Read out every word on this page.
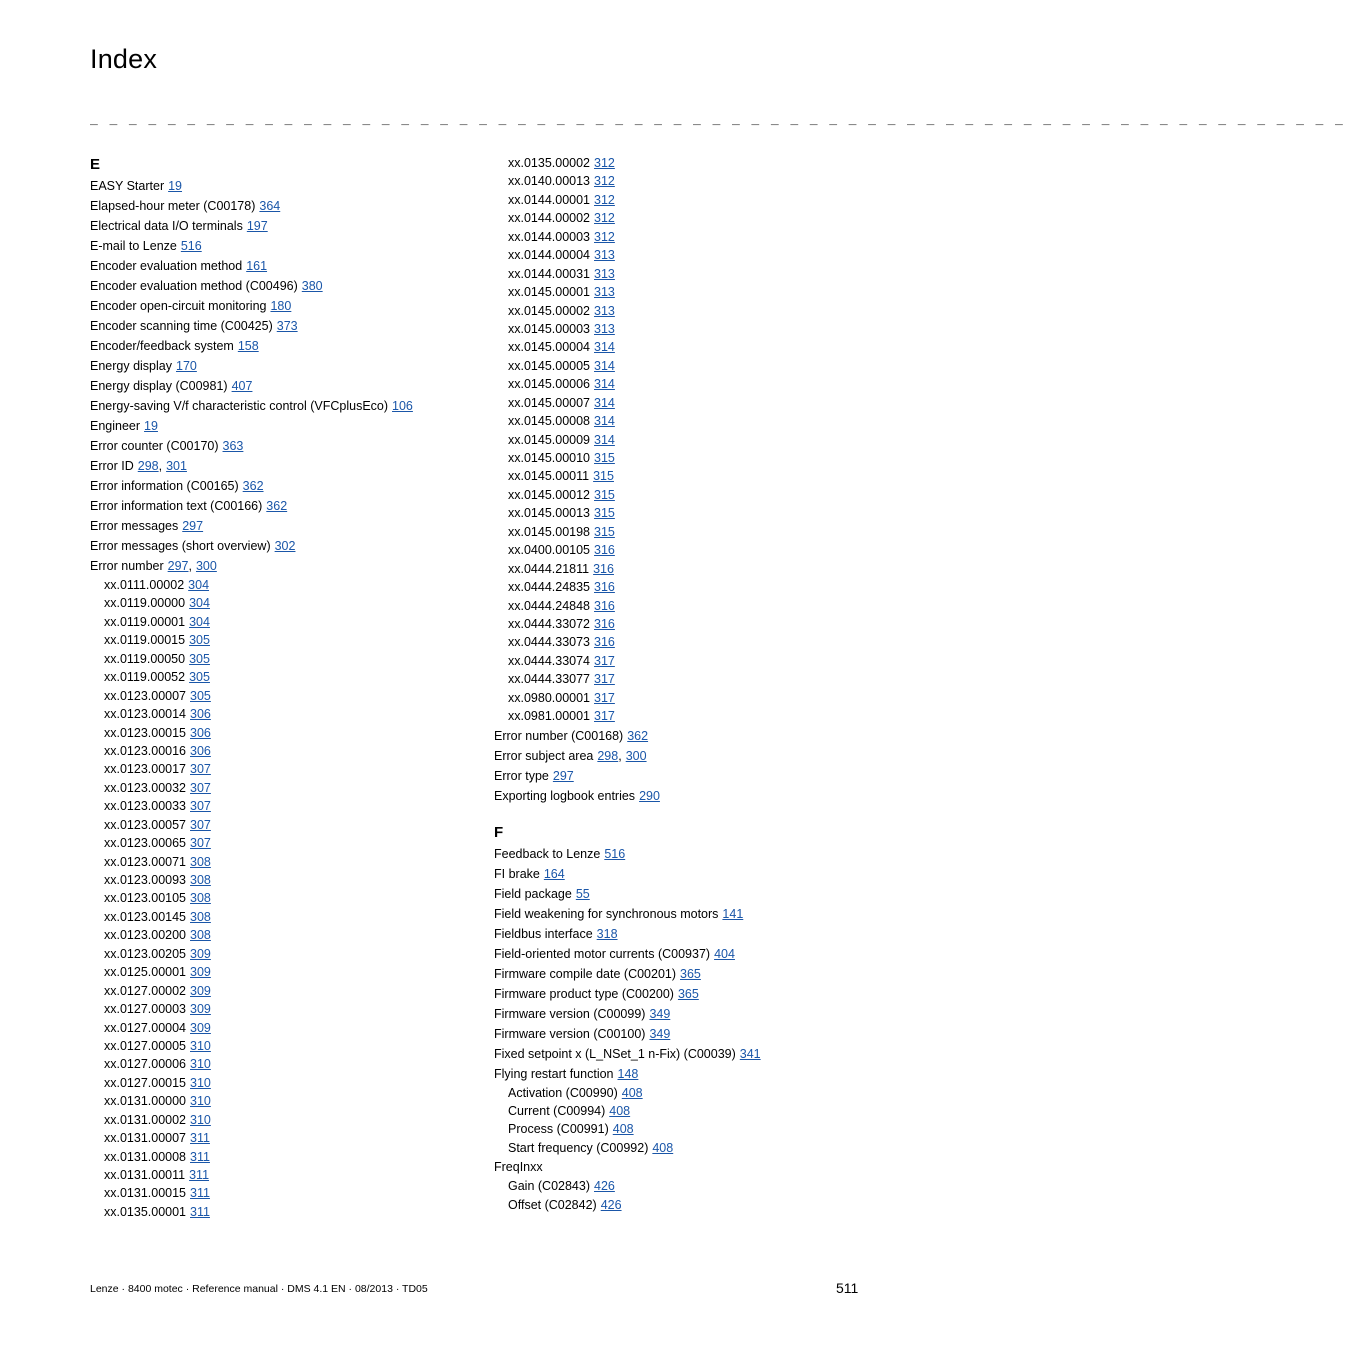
Index
_ _ _ _ _ _ _ _ _ _ _ _ _ _ _ _ _ _ _ _ _ _ _ _ _ _ _ _ _ _ _ _ _ _ _ _ _ _ _ _ _ _ _ _ _ _ _ _ _ _ _ _ _ _ _ _ _ _ _ _ _ _ _ _ _
E
EASY Starter 19
Elapsed-hour meter (C00178) 364
Electrical data I/O terminals 197
E-mail to Lenze 516
Encoder evaluation method 161
Encoder evaluation method (C00496) 380
Encoder open-circuit monitoring 180
Encoder scanning time (C00425) 373
Encoder/feedback system 158
Energy display 170
Energy display (C00981) 407
Energy-saving V/f characteristic control (VFCplusEco) 106
Engineer 19
Error counter (C00170) 363
Error ID 298, 301
Error information (C00165) 362
Error information text (C00166) 362
Error messages 297
Error messages (short overview) 302
Error number 297, 300
xx.0111.00002 304
xx.0119.00000 304
xx.0119.00001 304
xx.0119.00015 305
xx.0119.00050 305
xx.0119.00052 305
xx.0123.00007 305
xx.0123.00014 306
xx.0123.00015 306
xx.0123.00016 306
xx.0123.00017 307
xx.0123.00032 307
xx.0123.00033 307
xx.0123.00057 307
xx.0123.00065 307
xx.0123.00071 308
xx.0123.00093 308
xx.0123.00105 308
xx.0123.00145 308
xx.0123.00200 308
xx.0123.00205 309
xx.0125.00001 309
xx.0127.00002 309
xx.0127.00003 309
xx.0127.00004 309
xx.0127.00005 310
xx.0127.00006 310
xx.0127.00015 310
xx.0131.00000 310
xx.0131.00002 310
xx.0131.00007 311
xx.0131.00008 311
xx.0131.00011 311
xx.0131.00015 311
xx.0135.00001 311
xx.0135.00002 312
xx.0140.00013 312
xx.0144.00001 312
xx.0144.00002 312
xx.0144.00003 312
xx.0144.00004 313
xx.0144.00031 313
xx.0145.00001 313
xx.0145.00002 313
xx.0145.00003 313
xx.0145.00004 314
xx.0145.00005 314
xx.0145.00006 314
xx.0145.00007 314
xx.0145.00008 314
xx.0145.00009 314
xx.0145.00010 315
xx.0145.00011 315
xx.0145.00012 315
xx.0145.00013 315
xx.0145.00198 315
xx.0400.00105 316
xx.0444.21811 316
xx.0444.24835 316
xx.0444.24848 316
xx.0444.33072 316
xx.0444.33073 316
xx.0444.33074 317
xx.0444.33077 317
xx.0980.00001 317
xx.0981.00001 317
Error number (C00168) 362
Error subject area 298, 300
Error type 297
Exporting logbook entries 290
F
Feedback to Lenze 516
FI brake 164
Field package 55
Field weakening for synchronous motors 141
Fieldbus interface 318
Field-oriented motor currents (C00937) 404
Firmware compile date (C00201) 365
Firmware product type (C00200) 365
Firmware version (C00099) 349
Firmware version (C00100) 349
Fixed setpoint x (L_NSet_1 n-Fix) (C00039) 341
Flying restart function 148
Activation (C00990) 408
Current (C00994) 408
Process (C00991) 408
Start frequency (C00992) 408
FreqInxx
Gain (C02843) 426
Offset (C02842) 426
Lenze · 8400 motec · Reference manual · DMS 4.1 EN · 08/2013 · TD05	511
